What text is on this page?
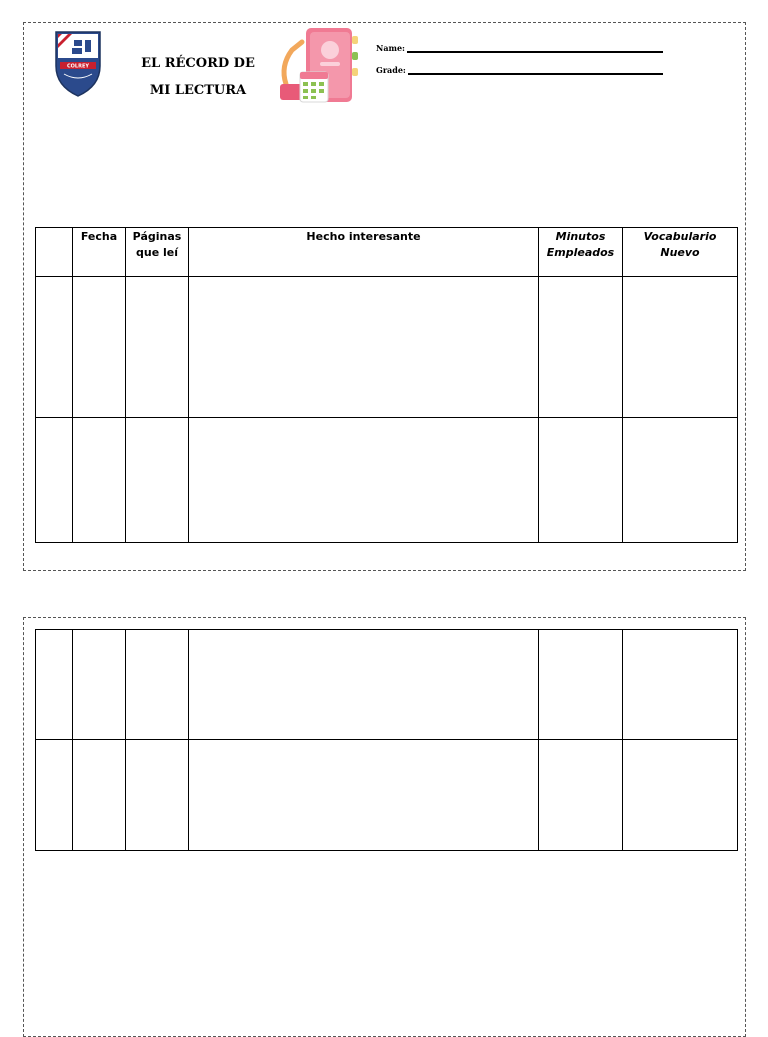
COLREY	EL RÉCORD DE
MI LECTURA
Name:
Grade:
	Fecha	Páginas que leí	Hecho interesante	Minutos Empleados	Vocabulario Nuevo
